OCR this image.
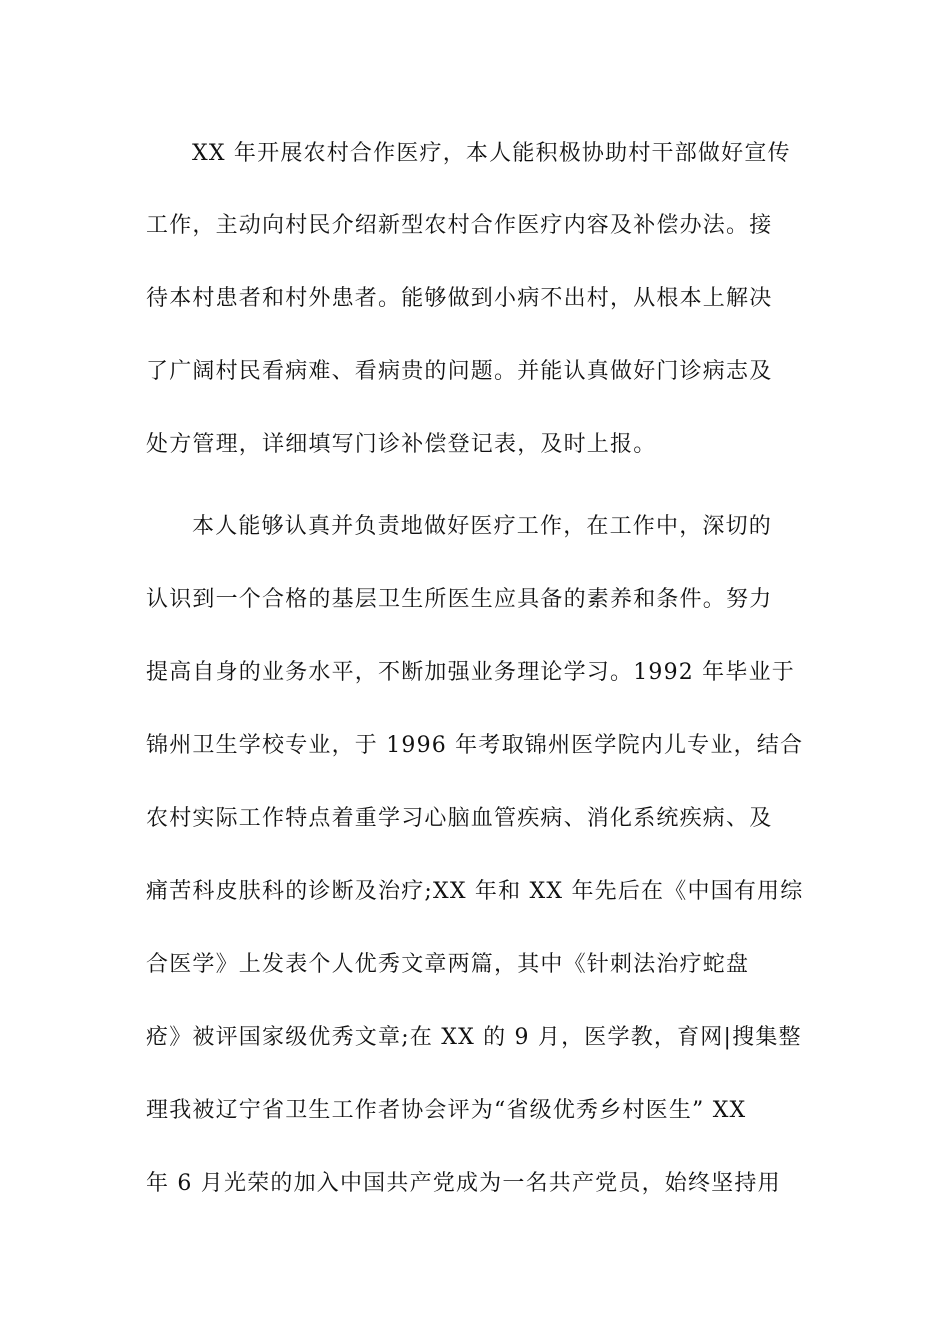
XX 年开展农村合作医疗，本人能积极协助村干部做好宣传
工作，主动向村民介绍新型农村合作医疗内容及补偿办法。接
待本村患者和村外患者。能够做到小病不出村，从根本上解决
了广阔村民看病难、看病贵的问题。并能认真做好门诊病志及
处方管理，详细填写门诊补偿登记表，及时上报。
本人能够认真并负责地做好医疗工作，在工作中，深切的
认识到一个合格的基层卫生所医生应具备的素养和条件。努力
提高自身的业务水平，不断加强业务理论学习。1992 年毕业于
锦州卫生学校专业，于 1996 年考取锦州医学院内儿专业，结合
农村实际工作特点着重学习心脑血管疾病、消化系统疾病、及
痛苦科皮肤科的诊断及治疗;XX 年和 XX 年先后在《中国有用综
合医学》上发表个人优秀文章两篇，其中《针刺法治疗蛇盘
疮》被评国家级优秀文章;在 XX 的 9 月，医学教，育网|搜集整
理我被辽宁省卫生工作者协会评为“省级优秀乡村医生” XX
年 6 月光荣的加入中国共产党成为一名共产党员，始终坚持用
